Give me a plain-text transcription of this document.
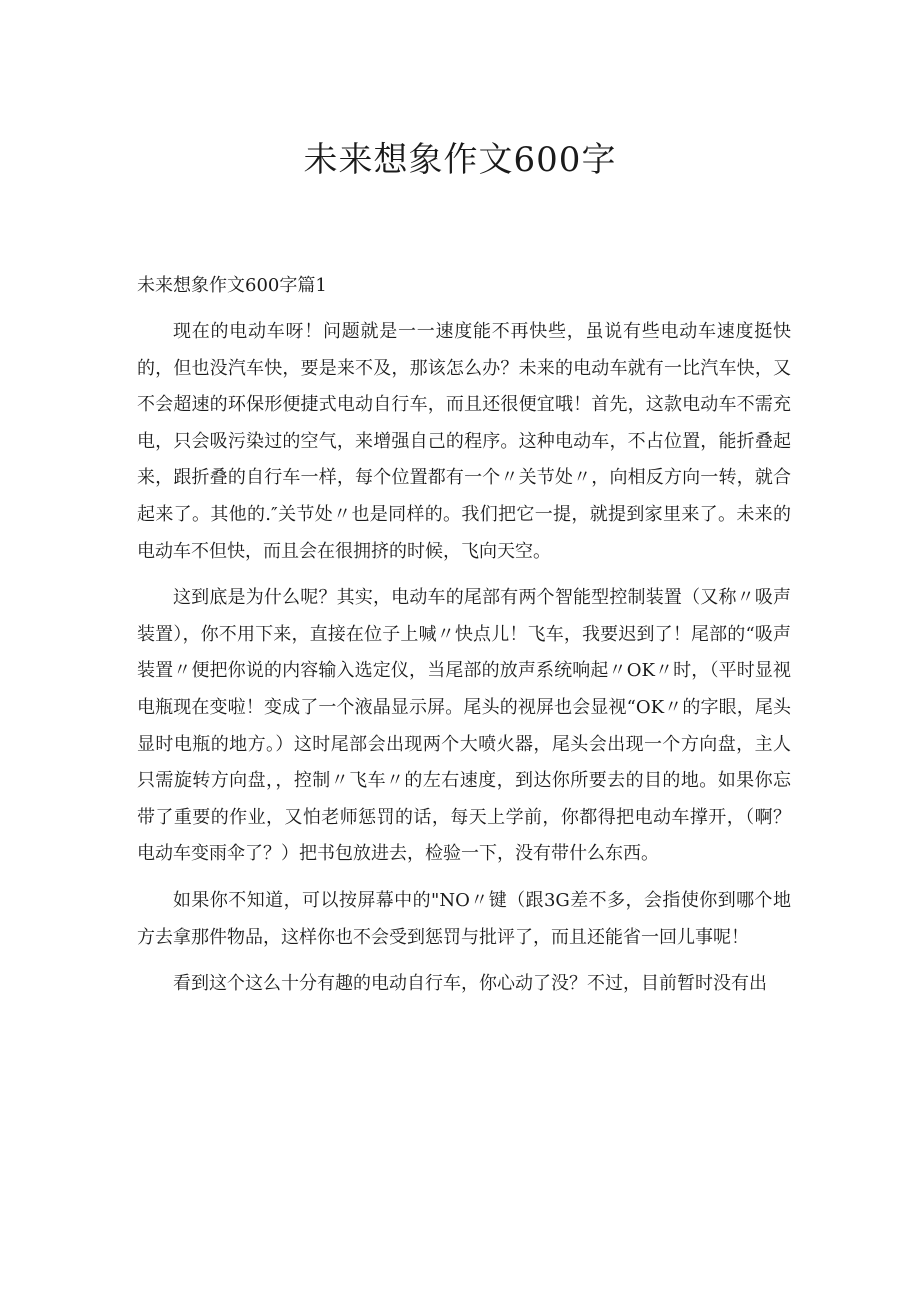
未来想象作文600字
未来想象作文600字篇1

现在的电动车呀！问题就是一一速度能不再快些，虽说有些电动车速度挺快的，但也没汽车快，要是来不及，那该怎么办？未来的电动车就有一比汽车快，又不会超速的环保形便捷式电动自行车，而且还很便宜哦！首先，这款电动车不需充电，只会吸污染过的空气，来增强自己的程序。这种电动车，不占位置，能折叠起来，跟折叠的自行车一样，每个位置都有一个〃关节处〃，向相反方向一转，就合起来了。其他的.″关节处〃也是同样的。我们把它一提，就提到家里来了。未来的电动车不但快，而且会在很拥挤的时候，飞向天空。

这到底是为什么呢？其实，电动车的尾部有两个智能型控制装置（又称〃吸声装置），你不用下来，直接在位子上喊〃快点儿！飞车，我要迟到了！尾部的“吸声装置〃便把你说的内容输入选定仪，当尾部的放声系统响起〃OK〃时，（平时显视电瓶现在变啦！变成了一个液晶显示屏。尾头的视屏也会显视“OK〃的字眼，尾头显时电瓶的地方。）这时尾部会出现两个大喷火器，尾头会出现一个方向盘，主人只需旋转方向盘，，控制〃飞车〃的左右速度，到达你所要去的目的地。如果你忘带了重要的作业，又怕老师惩罚的话，每天上学前，你都得把电动车撑开，（啊？电动车变雨伞了？）把书包放进去，检验一下，没有带什么东西。

如果你不知道，可以按屏幕中的"NO〃键（跟3G差不多，会指使你到哪个地方去拿那件物品，这样你也不会受到惩罚与批评了，而且还能省一回儿事呢！

看到这个这么十分有趣的电动自行车，你心动了没？不过，目前暂时没有出
